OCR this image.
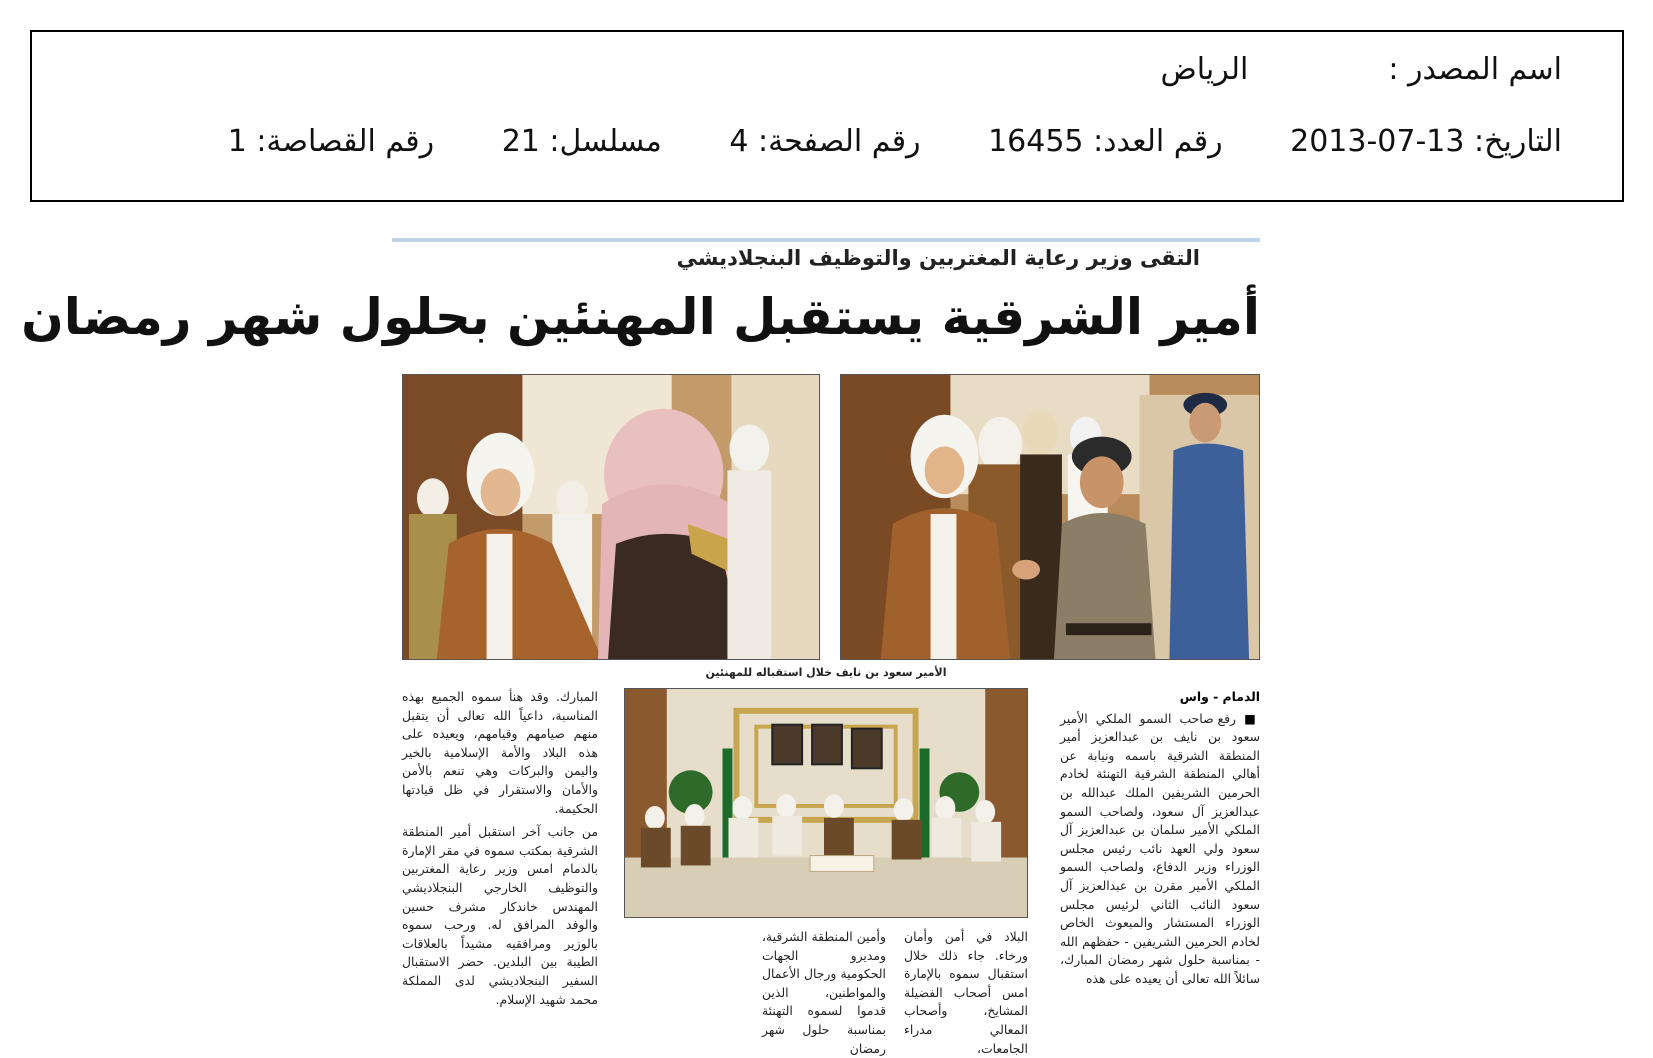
اسم المصدر :الرياض
التاريخ: 2013-07-13 رقم العدد: 16455 رقم الصفحة: 4 مسلسل: 21 رقم القصاصة: 1
التقى وزير رعاية المغتربين والتوظيف البنجلاديشي
أمير الشرقية يستقبل المهنئين بحلول شهر رمضان
الأمير سعود بن نايف خلال استقباله للمهنئين
الدمام - واس

■ رفع صاحب السمو الملكي الأمير سعود بن نايف بن عبدالعزيز أمير المنطقة الشرقية باسمه ونيابة عن أهالي المنطقة الشرقية التهنئة لخادم الحرمين الشريفين الملك عبدالله بن عبدالعزيز آل سعود، ولصاحب السمو الملكي الأمير سلمان بن عبدالعزيز آل سعود ولي العهد نائب رئيس مجلس الوزراء وزير الدفاع، ولصاحب السمو الملكي الأمير مقرن بن عبدالعزيز آل سعود النائب الثاني لرئيس مجلس الوزراء المستشار والمبعوث الخاص لخادم الحرمين الشريفين - حفظهم الله - بمناسبة حلول شهر رمضان المبارك، سائلاً الله تعالى أن يعيده على هذه

البلاد في أمن وأمان ورخاء. جاء ذلك خلال استقبال سموه بالإمارة امس أصحاب الفضيلة المشايخ، وأصحاب المعالي مدراء الجامعات،
وأمين المنطقة الشرقية، ومديرو الجهات الحكومية ورجال الأعمال والمواطنين، الذين قدموا لسموه التهنئة بمناسبة حلول شهر رمضان

المبارك. وقد هنأ سموه الجميع بهذه المناسبة، داعياً الله تعالى أن يتقبل منهم صيامهم وقيامهم، ويعيده على هذه البلاد والأمة الإسلامية بالخير واليمن والبركات وهي تنعم بالأمن والأمان والاستقرار في ظل قيادتها الحكيمة.

من جانب آخر استقبل أمير المنطقة الشرقية بمكتب سموه في مقر الإمارة بالدمام امس وزير رعاية المغتربين والتوظيف الخارجي البنجلاديشي المهندس خاندكار مشرف حسين والوفد المرافق له. ورحب سموه بالوزير ومرافقيه مشيداً بالعلاقات الطيبة بين البلدين. حضر الاستقبال السفير البنجلاديشي لدى المملكة محمد شهيد الإسلام.
